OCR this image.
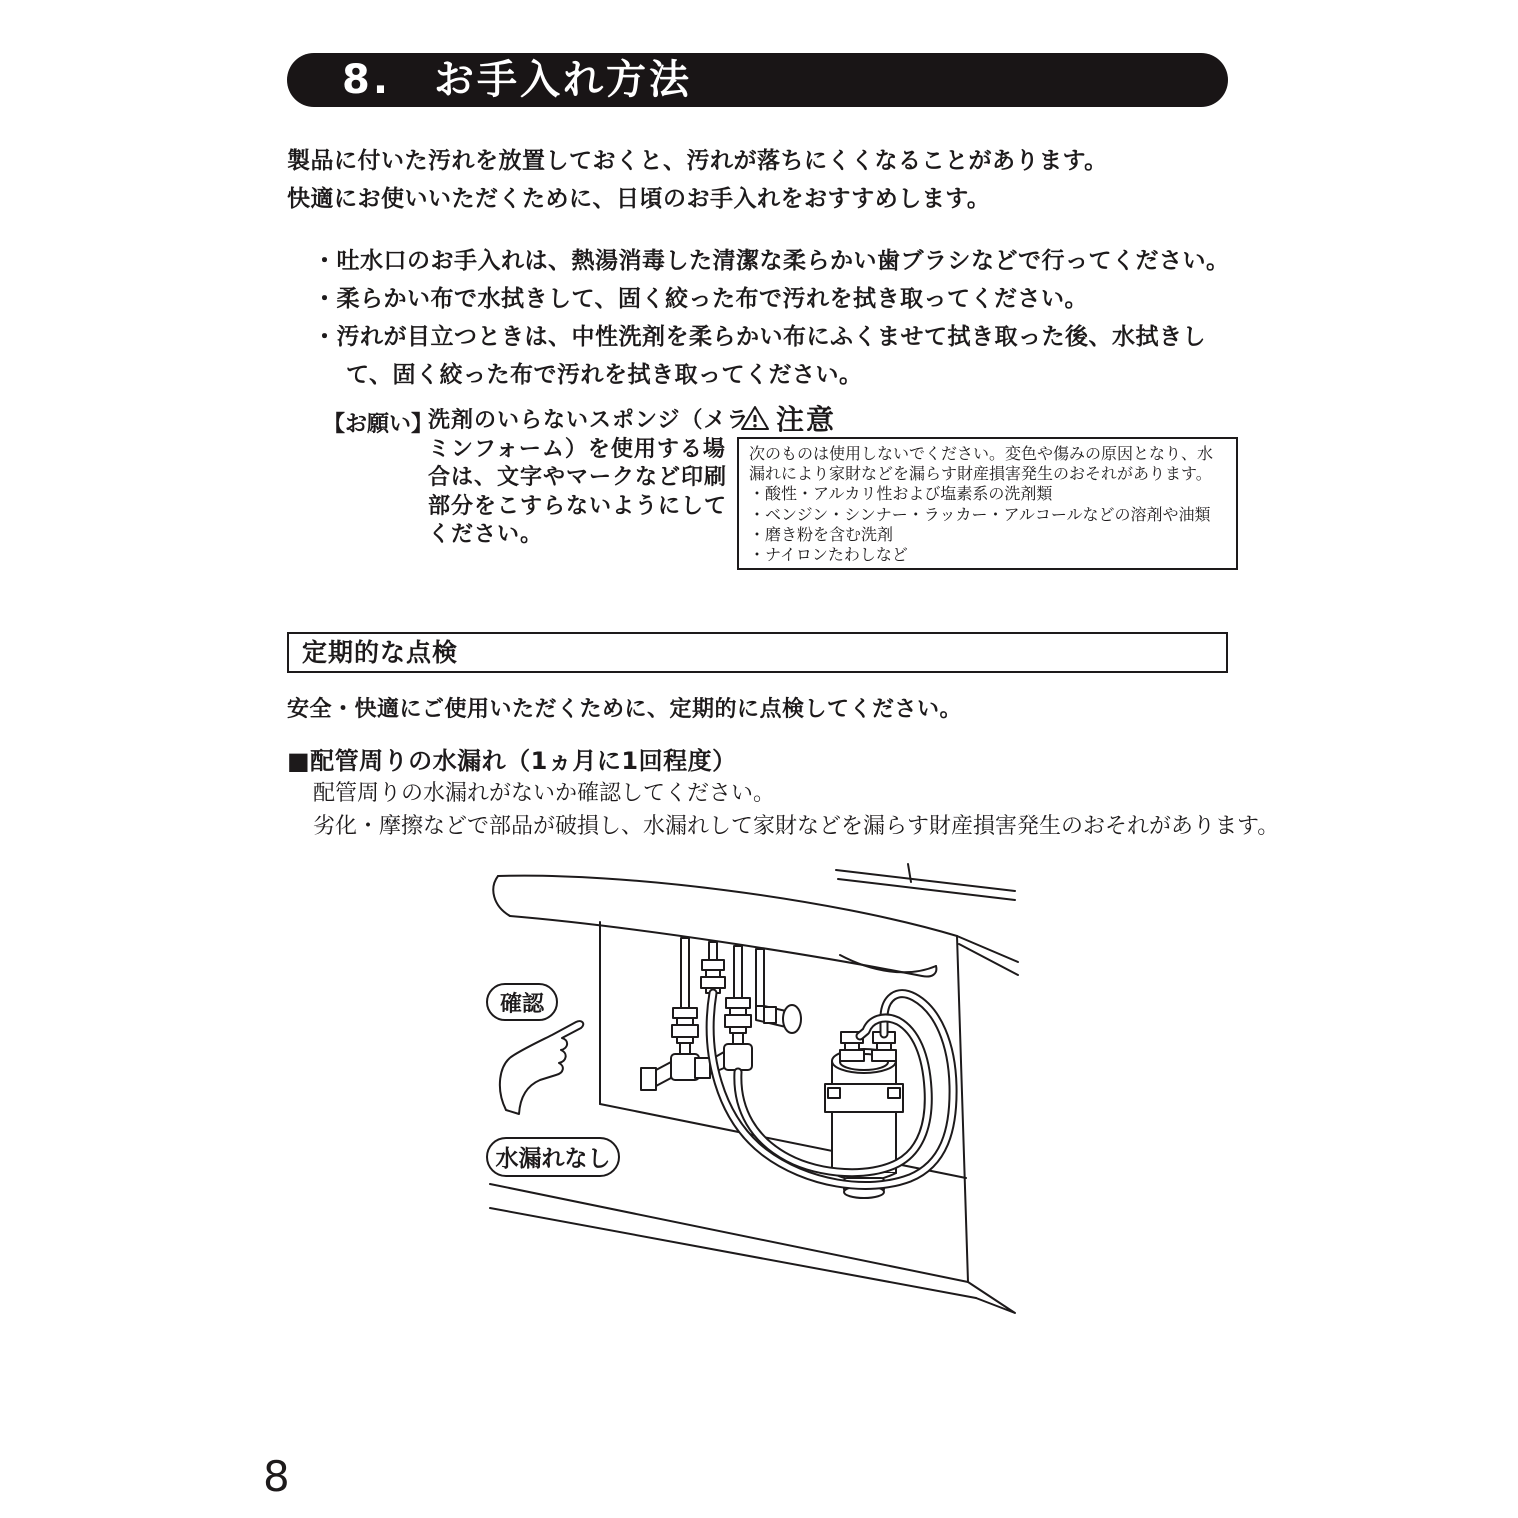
8.　お手入れ方法
製品に付いた汚れを放置しておくと、汚れが落ちにくくなることがあります。
快適にお使いいただくために、日頃のお手入れをおすすめします。
・吐水口のお手入れは、熱湯消毒した清潔な柔らかい歯ブラシなどで行ってください。
・柔らかい布で水拭きして、固く絞った布で汚れを拭き取ってください。
・汚れが目立つときは、中性洗剤を柔らかい布にふくませて拭き取った後、水拭きし
て、固く絞った布で汚れを拭き取ってください。
【お願い】
洗剤のいらないスポンジ（メラ
ミンフォーム）を使用する場
合は、文字やマークなど印刷
部分をこすらないようにして
ください。
注意
次のものは使用しないでください。変色や傷みの原因となり、水
漏れにより家財などを漏らす財産損害発生のおそれがあります。
・酸性・アルカリ性および塩素系の洗剤類
・ベンジン・シンナー・ラッカー・アルコールなどの溶剤や油類
・磨き粉を含む洗剤
・ナイロンたわしなど
定期的な点検
安全・快適にご使用いただくために、定期的に点検してください。
■配管周りの水漏れ（1ヵ月に1回程度）
配管周りの水漏れがないか確認してください。
劣化・摩擦などで部品が破損し、水漏れして家財などを漏らす財産損害発生のおそれがあります。
確認
水漏れなし
8
